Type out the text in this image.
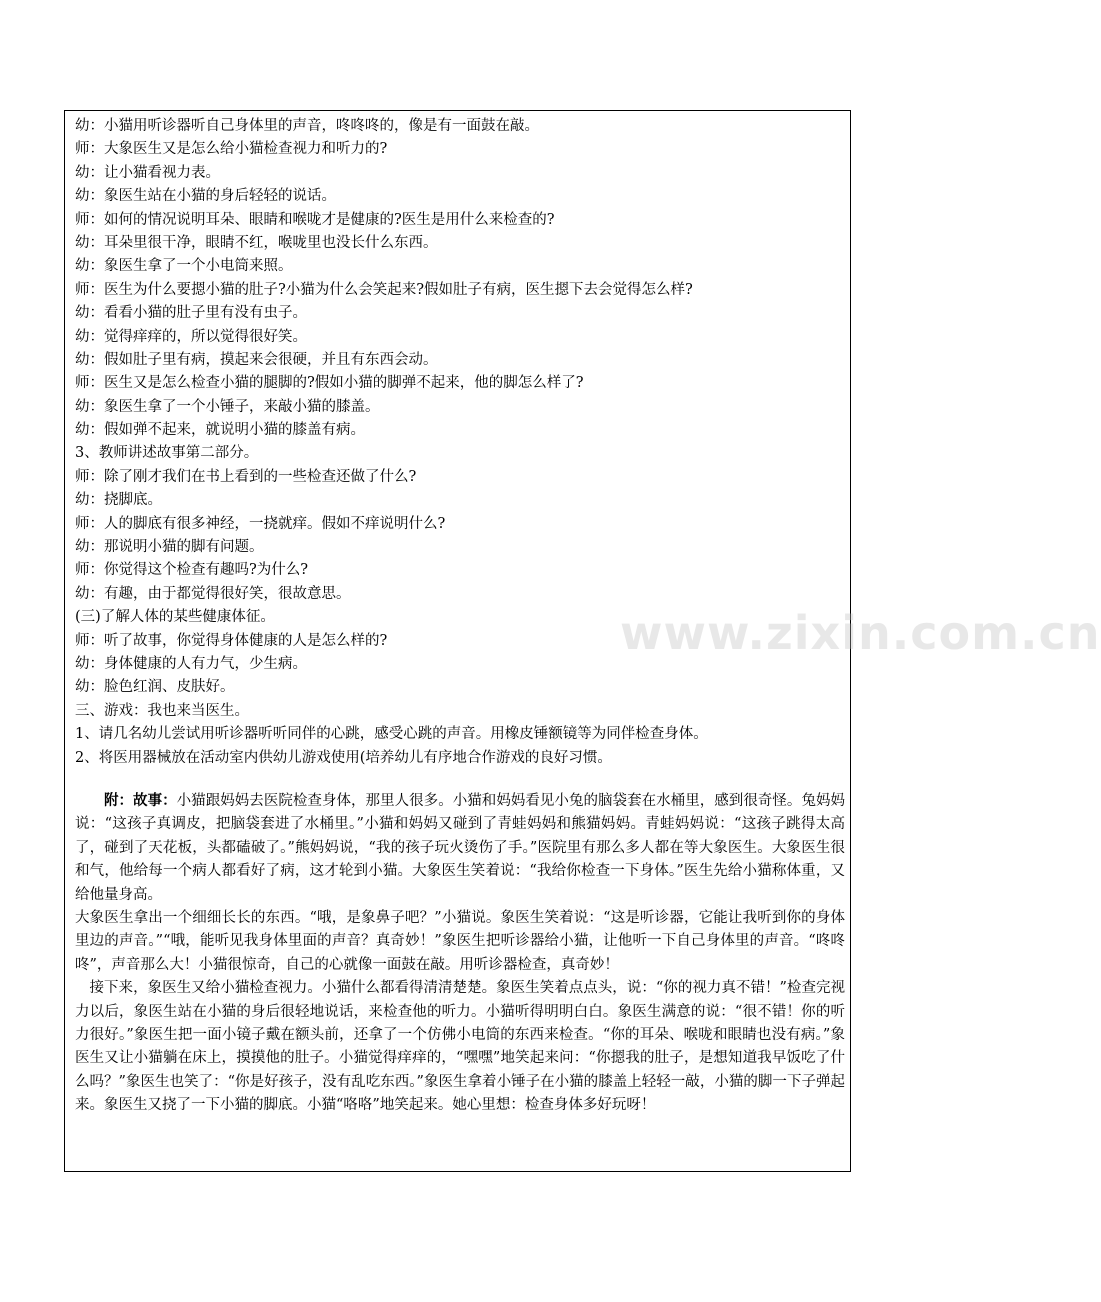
www.zixin.com.cn
幼：小猫用听诊器听自己身体里的声音，咚咚咚的，像是有一面鼓在敲。
师：大象医生又是怎么给小猫检查视力和听力的?
幼：让小猫看视力表。
幼：象医生站在小猫的身后轻轻的说话。
师：如何的情况说明耳朵、眼睛和喉咙才是健康的?医生是用什么来检查的?
幼：耳朵里很干净，眼睛不红，喉咙里也没长什么东西。
幼：象医生拿了一个小电筒来照。
师：医生为什么要摁小猫的肚子?小猫为什么会笑起来?假如肚子有病，医生摁下去会觉得怎么样?
幼：看看小猫的肚子里有没有虫子。
幼：觉得痒痒的，所以觉得很好笑。
幼：假如肚子里有病，摸起来会很硬，并且有东西会动。
师：医生又是怎么检查小猫的腿脚的?假如小猫的脚弹不起来，他的脚怎么样了?
幼：象医生拿了一个小锤子，来敲小猫的膝盖。
幼：假如弹不起来，就说明小猫的膝盖有病。
3、教师讲述故事第二部分。
师：除了刚才我们在书上看到的一些检查还做了什么?
幼：挠脚底。
师：人的脚底有很多神经，一挠就痒。假如不痒说明什么?
幼：那说明小猫的脚有问题。
师：你觉得这个检查有趣吗?为什么?
幼：有趣，由于都觉得很好笑，很故意思。
(三)了解人体的某些健康体征。
师：听了故事，你觉得身体健康的人是怎么样的?
幼：身体健康的人有力气，少生病。
幼：脸色红润、皮肤好。
三、游戏：我也来当医生。
1、请几名幼儿尝试用听诊器听听同伴的心跳，感受心跳的声音。用橡皮锤额镜等为同伴检查身体。
2、将医用器械放在活动室内供幼儿游戏使用(培养幼儿有序地合作游戏的良好习惯。

附：故事：小猫跟妈妈去医院检查身体，那里人很多。小猫和妈妈看见小兔的脑袋套在水桶里，感到很奇怪。兔妈妈说：“这孩子真调皮，把脑袋套进了水桶里。”小猫和妈妈又碰到了青蛙妈妈和熊猫妈妈。青蛙妈妈说：“这孩子跳得太高了，碰到了天花板，头都磕破了。”熊妈妈说，“我的孩子玩火烫伤了手。”医院里有那么多人都在等大象医生。大象医生很和气，他给每一个病人都看好了病，这才轮到小猫。大象医生笑着说：“我给你检查一下身体。”医生先给小猫称体重，又给他量身高。

大象医生拿出一个细细长长的东西。“哦，是象鼻子吧？”小猫说。象医生笑着说：“这是听诊器，它能让我听到你的身体里边的声音。”“哦，能听见我身体里面的声音？真奇妙！”象医生把听诊器给小猫，让他听一下自己身体里的声音。“咚咚咚”，声音那么大！小猫很惊奇，自己的心就像一面鼓在敲。用听诊器检查，真奇妙！

接下来，象医生又给小猫检查视力。小猫什么都看得清清楚楚。象医生笑着点点头，说：“你的视力真不错！”检查完视力以后，象医生站在小猫的身后很轻地说话，来检查他的听力。小猫听得明明白白。象医生满意的说：“很不错！你的听力很好。”象医生把一面小镜子戴在额头前，还拿了一个仿佛小电筒的东西来检查。“你的耳朵、喉咙和眼睛也没有病。”象医生又让小猫躺在床上，摸摸他的肚子。小猫觉得痒痒的，“嘿嘿”地笑起来问：“你摁我的肚子，是想知道我早饭吃了什么吗？”象医生也笑了：“你是好孩子，没有乱吃东西。”象医生拿着小锤子在小猫的膝盖上轻轻一敲，小猫的脚一下子弹起来。象医生又挠了一下小猫的脚底。小猫“咯咯”地笑起来。她心里想：检查身体多好玩呀！
